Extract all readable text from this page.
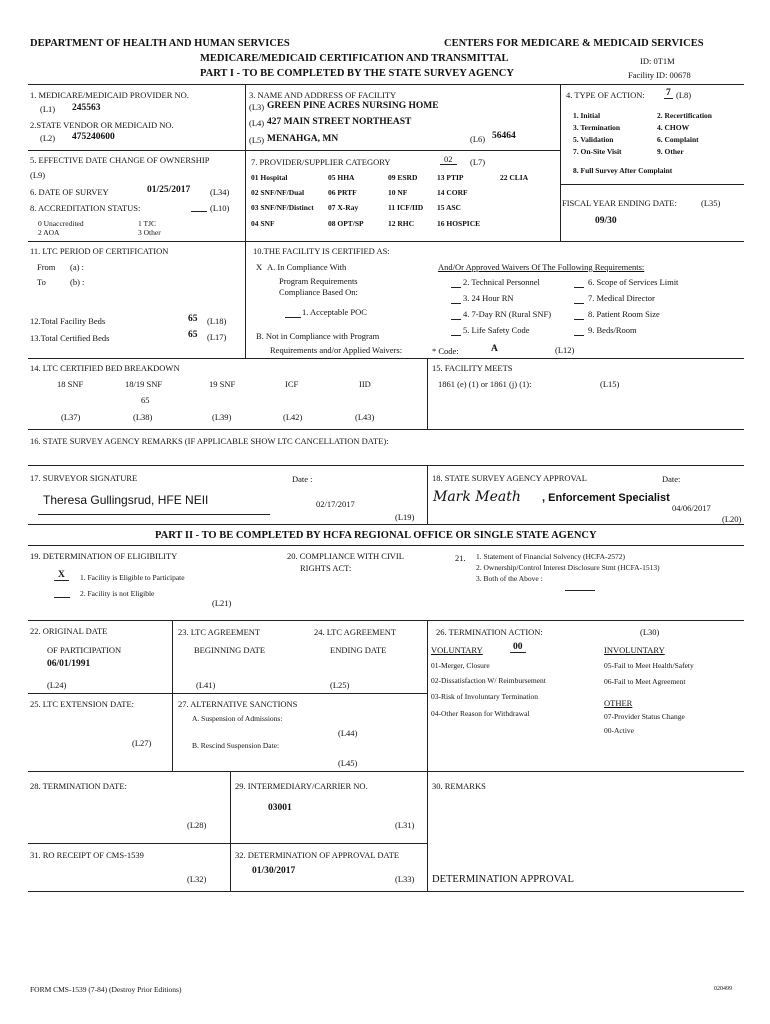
DEPARTMENT OF HEALTH AND HUMAN SERVICES	CENTERS FOR MEDICARE & MEDICAID SERVICES
MEDICARE/MEDICAID CERTIFICATION AND TRANSMITTAL
PART I - TO BE COMPLETED BY THE STATE SURVEY AGENCY
ID: 0T1M
Facility ID: 00678
1. MEDICARE/MEDICAID PROVIDER NO.
(L1) 245563
2.STATE VENDOR OR MEDICAID NO.
(L2) 475240600
3. NAME AND ADDRESS OF FACILITY
(L3) GREEN PINE ACRES NURSING HOME
(L4) 427 MAIN STREET NORTHEAST
(L5) MENAHGA, MN	(L6) 56464
4. TYPE OF ACTION: 7 (L8)
1. Initial	2. Recertification
3. Termination	4. CHOW
5. Validation	6. Complaint
7. On-Site Visit	9. Other
8. Full Survey After Complaint
5. EFFECTIVE DATE CHANGE OF OWNERSHIP
(L9)
6. DATE OF SURVEY	01/25/2017 (L34)
8. ACCREDITATION STATUS:	(L10)
0 Unaccredited
2 AOA
1 TJC
3 Other
7. PROVIDER/SUPPLIER CATEGORY	02	(L7)
01 Hospital
02 SNF/NF/Dual
03 SNF/NF/Distinct
04 SNF
05 HHA
06 PRTF
07 X-Ray
08 OPT/SP
09 ESRD
10 NF
11 ICF/IID
12 RHC
13 PTIP
14 CORF
15 ASC
16 HOSPICE
22 CLIA
FISCAL YEAR ENDING DATE:	(L35)
09/30
11. LTC PERIOD OF CERTIFICATION
From (a) :
To	(b) :
12.Total Facility Beds	65 (L18)
13.Total Certified Beds	65 (L17)
10.THE FACILITY IS CERTIFIED AS:
X A. In Compliance With
Program Requirements
Compliance Based On:
1. Acceptable POC
B. Not in Compliance with Program
Requirements and/or Applied Waivers:
And/Or Approved Waivers Of The Following Requirements:
2. Technical Personnel
3. 24 Hour RN
4. 7-Day RN (Rural SNF)
5. Life Safety Code
6. Scope of Services Limit
7. Medical Director
8. Patient Room Size
9. Beds/Room
* Code:	A	(L12)
14. LTC CERTIFIED BED BREAKDOWN
18 SNF	18/19 SNF	19 SNF	ICF	IID
65
(L37)	(L38)	(L39)	(L42)	(L43)
15. FACILITY MEETS
1861 (e) (1) or 1861 (j) (1):	(L15)
16. STATE SURVEY AGENCY REMARKS (IF APPLICABLE SHOW LTC CANCELLATION DATE):
17. SURVEYOR SIGNATURE	Date :
Theresa Gullingsrud, HFE NEII	02/17/2017
(L19)
18. STATE SURVEY AGENCY APPROVAL	Date:
Mark Meath , Enforcement Specialist
04/06/2017
(L20)
PART II - TO BE COMPLETED BY HCFA REGIONAL OFFICE OR SINGLE STATE AGENCY
19. DETERMINATION OF ELIGIBILITY
X	1. Facility is Eligible to Participate
2. Facility is not Eligible
(L21)
20. COMPLIANCE WITH CIVIL
RIGHTS ACT:
21. 1. Statement of Financial Solvency (HCFA-2572)
2. Ownership/Control Interest Disclosure Stmt (HCFA-1513)
3. Both of the Above :
22. ORIGINAL DATE
OF PARTICIPATION
06/01/1991
(L24)
23. LTC AGREEMENT
BEGINNING DATE
(L41)
24. LTC AGREEMENT
ENDING DATE
(L25)
26. TERMINATION ACTION:	(L30)
VOLUNTARY	00	INVOLUNTARY
01-Merger, Closure
02-Dissatisfaction W/ Reimbursement
03-Risk of Involuntary Termination
04-Other Reason for Withdrawal
05-Fail to Meet Health/Safety
06-Fail to Meet Agreement
OTHER
07-Provider Status Change
00-Active
25. LTC EXTENSION DATE:
(L27)
27. ALTERNATIVE SANCTIONS
A. Suspension of Admissions:
(L44)
B. Rescind Suspension Date:
(L45)
28. TERMINATION DATE:
(L28)
29. INTERMEDIARY/CARRIER NO.
03001
(L31)
30. REMARKS
DETERMINATION APPROVAL
31. RO RECEIPT OF CMS-1539
(L32)
32. DETERMINATION OF APPROVAL DATE
01/30/2017
(L33)
FORM CMS-1539 (7-84) (Destroy Prior Editions)	020499
